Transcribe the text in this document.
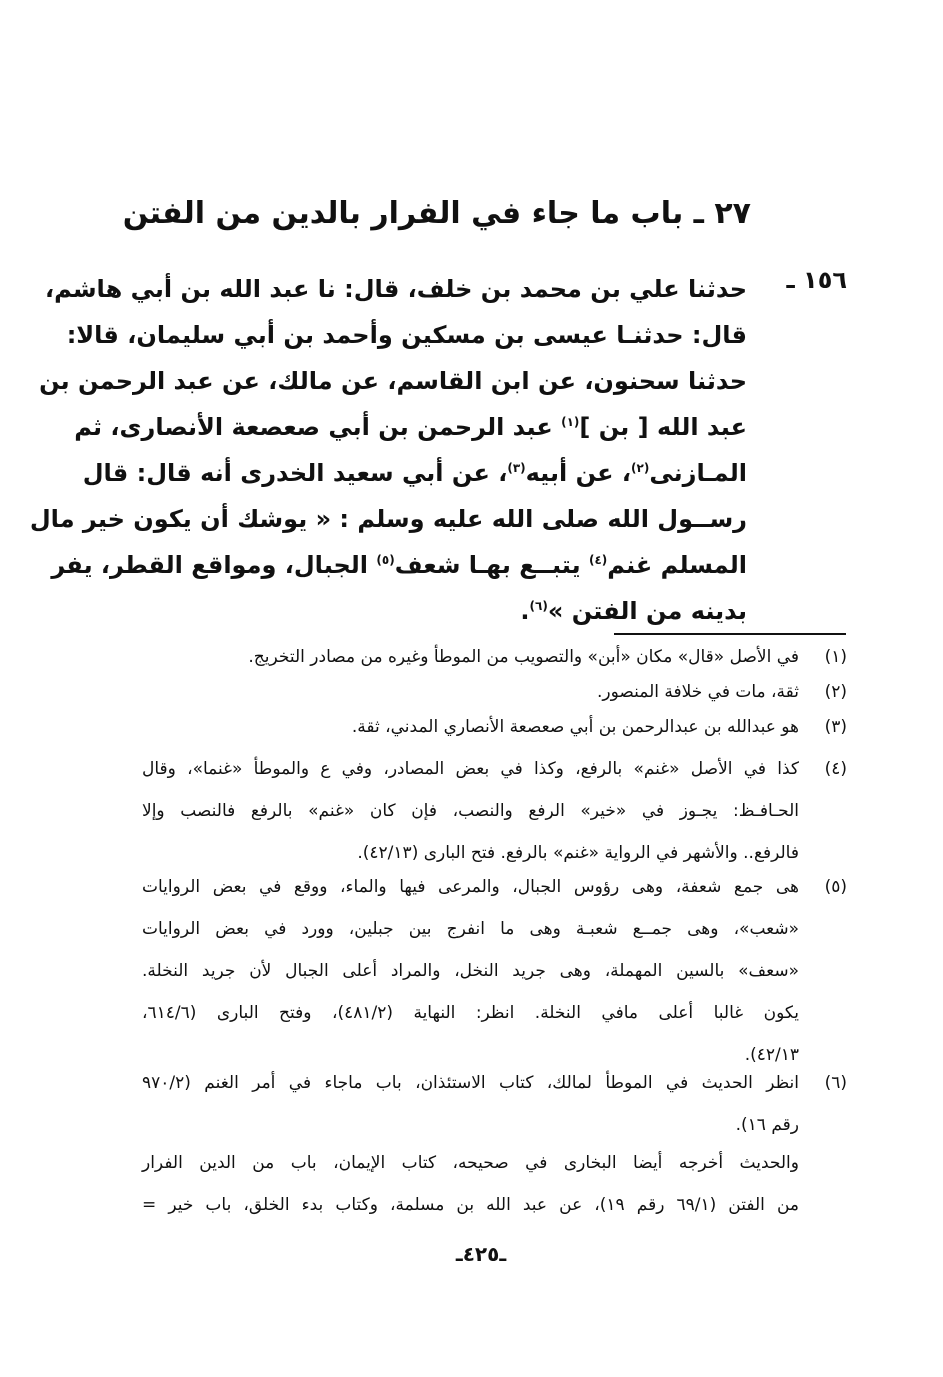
٢٧ ـ باب ما جاء في الفرار بالدين من الفتن
١٥٦ ـ
حدثنا علي بن محمد بن خلف، قال: نا عبد الله بن أبي هاشم،
قال: حدثنـا عيسى بن مسكين وأحمد بن أبي سليمان، قالا:
حدثنا سحنون، عن ابن القاسم، عن مالك، عن عبد الرحمن بن
عبد الله [ بن ]$^{(١)}$ عبد الرحمن بن أبي صعصعة الأنصارى، ثم
المـازنى$^{(٢)}$، عن أبيه$^{(٣)}$، عن أبي سعيد الخدرى أنه قال: قال
رســول الله صلى الله عليه وسلم : « يوشك أن يكون خير مال
المسلم غنم$^{(٤)}$ يتبــع بهـا شعف$^{(٥)}$ الجبال، ومواقع القطر، يفر
بدينه من الفتن »$^{(٦)}$.
(١)
في الأصل «قال» مكان «أبن» والتصويب من الموطأ وغيره من مصادر التخريج.
(٢)
ثقة، مات في خلافة المنصور.
(٣)
هو عبدالله بن عبدالرحمن بن أبي صعصعة الأنصاري المدني، ثقة.
(٤)
كذا في الأصل «غنم» بالرفع، وكذا في بعض المصادر، وفي ع والموطأ «غنما»، وقال
الحـافـظ: يجـوز في «خير» الرفع والنصب، فإن كان «غنم» بالرفع فالنصب وإلا
فالرفع.. والأشهر في الرواية «غنم» بالرفع. فتح البارى (٤٢/١٣).
(٥)
هى جمع شعفة، وهى رؤوس الجبال، والمرعى فيها والماء، ووقع في بعض الروايات
«شعب»، وهى جمــع شعبـة وهى ما انفرج بين جبلين، وورد في بعض الروايات
«سعف» بالسين المهملة، وهى جريد النخل، والمراد أعلى الجبال لأن جريد النخلة.
يكون غالبا أعلى مافي النخلة. انظر: النهاية (٤٨١/٢)، وفتح البارى (٦١٤/٦،
٤٢/١٣).
(٦)
انظر الحديث في الموطأ لمالك، كتاب الاستئذان، باب ماجاء في أمر الغنم (٩٧٠/٢
رقم ١٦).
والحديث أخرجه أيضا البخارى في صحيحه، كتاب الإيمان، باب من الدين الفرار
من الفتن (٦٩/١ رقم ١٩)، عن عبد الله بن مسلمة، وكتاب بدء الخلق، باب خير =
ـ٤٢٥ـ
